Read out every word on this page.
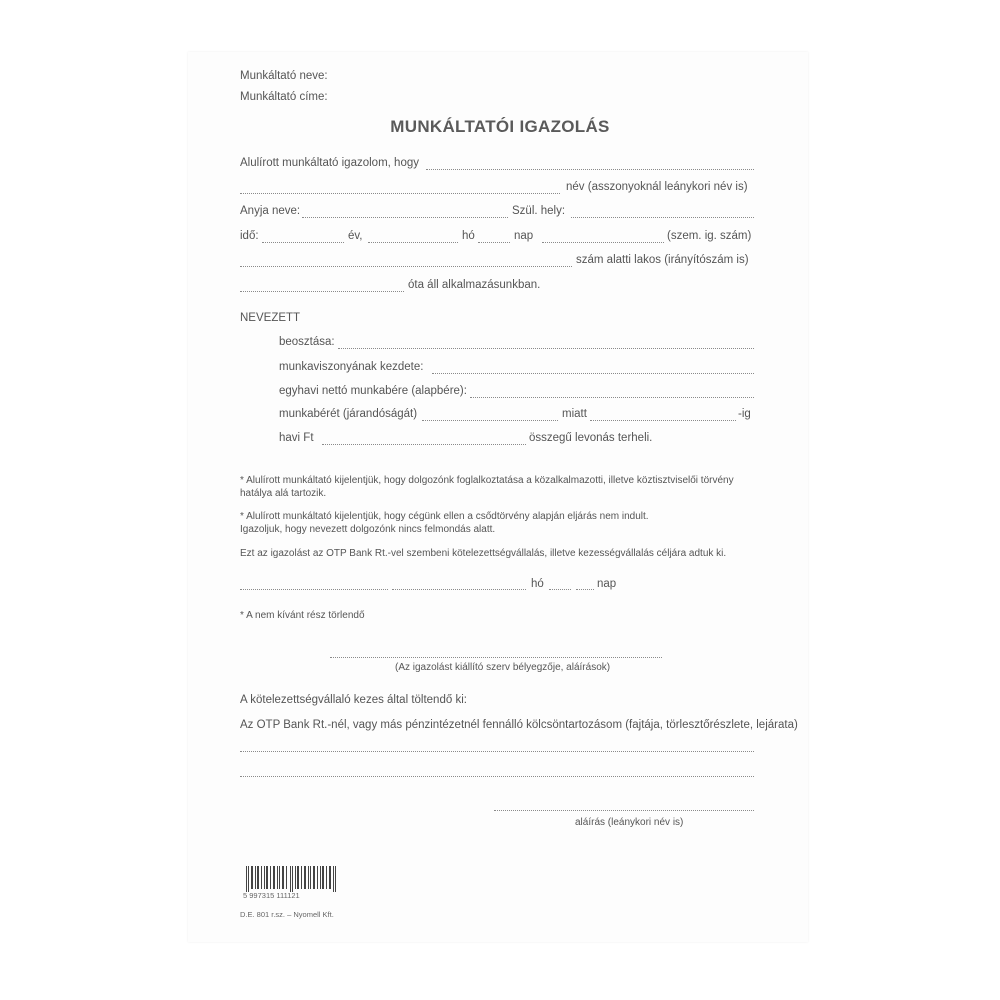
Munkáltató neve:
Munkáltató címe:
MUNKÁLTATÓI IGAZOLÁS
Alulírott munkáltató igazolom, hogy
név (asszonyoknál leánykori név is)
Anyja neve:	Szül. hely:
idő:	év,	hó	nap	(szem. ig. szám)
szám alatti lakos (irányítószám is)
óta áll alkalmazásunkban.
NEVEZETT
beosztása:
munkaviszonyának kezdete:
egyhavi nettó munkabére (alapbére):
munkabérét (járandóságát)	miatt	-ig
havi Ft	összegű levonás terheli.
* Alulírott munkáltató kijelentjük, hogy dolgozónk foglalkoztatása a közalkalmazotti, illetve köztisztviselői törvény
hatálya alá tartozik.
* Alulírott munkáltató kijelentjük, hogy cégünk ellen a csődtörvény alapján eljárás nem indult.
Igazoljuk, hogy nevezett dolgozónk nincs felmondás alatt.
Ezt az igazolást az OTP Bank Rt.-vel szembeni kötelezettségvállalás, illetve kezességvállalás céljára adtuk ki.
hó	nap
* A nem kívánt rész törlendő
(Az igazolást kiállító szerv bélyegzője, aláírások)
A kötelezettségvállaló kezes által töltendő ki:
Az OTP Bank Rt.-nél, vagy más pénzintézetnél fennálló kölcsöntartozásom (fajtája, törlesztőrészlete, lejárata)
aláírás (leánykori név is)
5 997315 111121
D.E. 801 r.sz. – Nyomell Kft.
